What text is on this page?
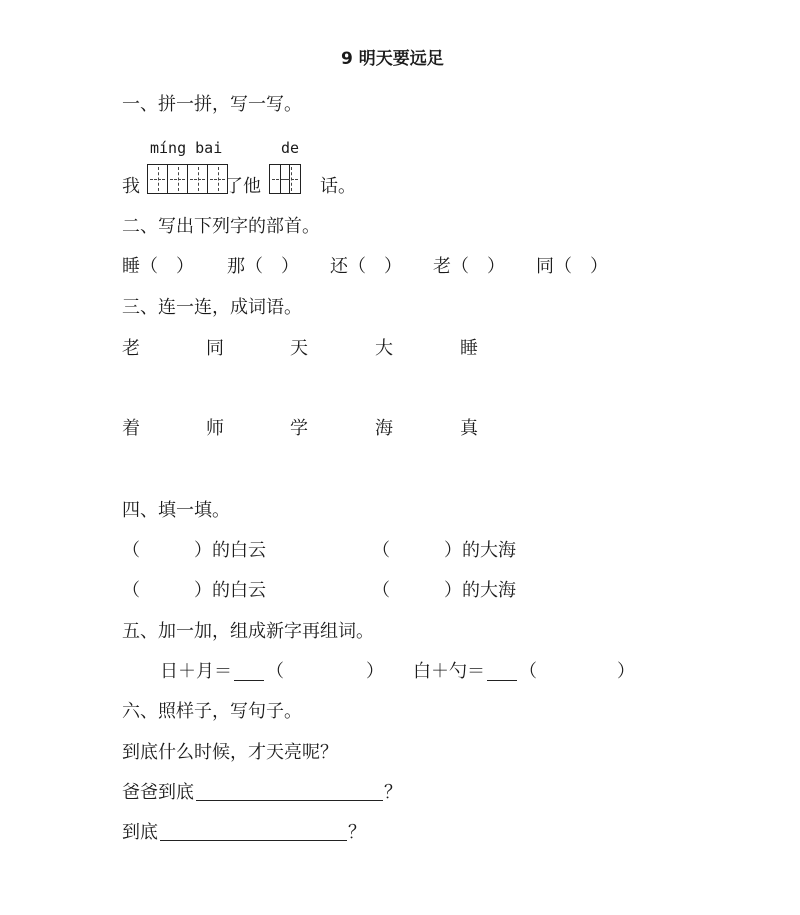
9 明天要远足
一、拼一拼，写一写。
míng bai	de
我	了他	话。
二、写出下列字的部首。
睡（　） 那（　） 还（　） 老（　） 同（　）
三、连一连，成词语。
老	同	天	大	睡
着	师	学	海	真
四、填一填。
（　　　）的白云	（　　　）的大海
（　　　）的白云	（　　　）的大海
五、加一加，组成新字再组词。
日＋月＝ （	） 白＋勺＝ （	）
六、照样子，写句子。
到底什么时候，才天亮呢？
爸爸到底	？
到底	？
